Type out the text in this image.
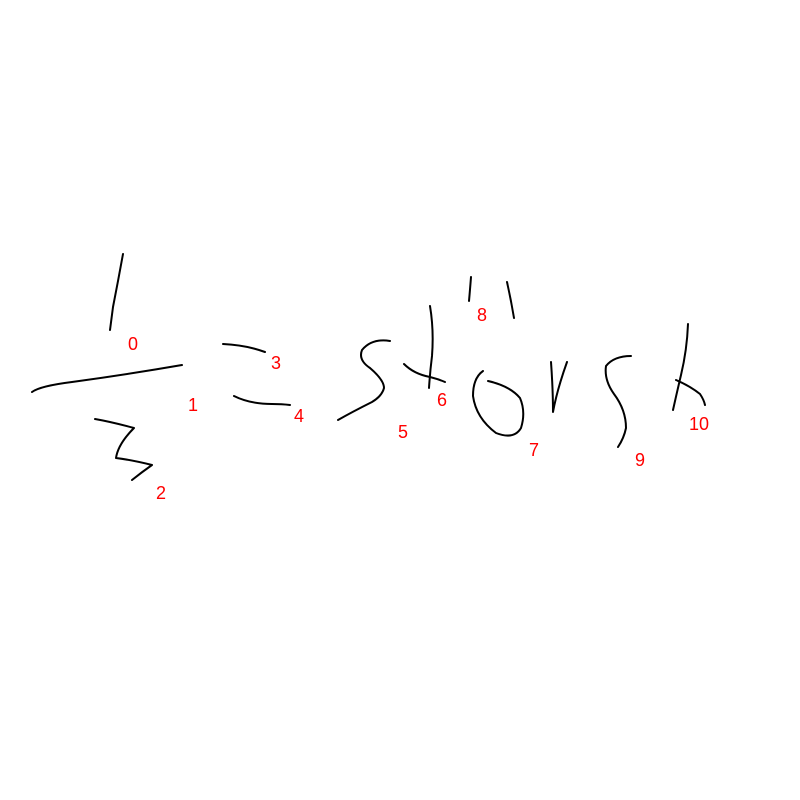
0
1
2
3
4
5
6
7
8
9
10
